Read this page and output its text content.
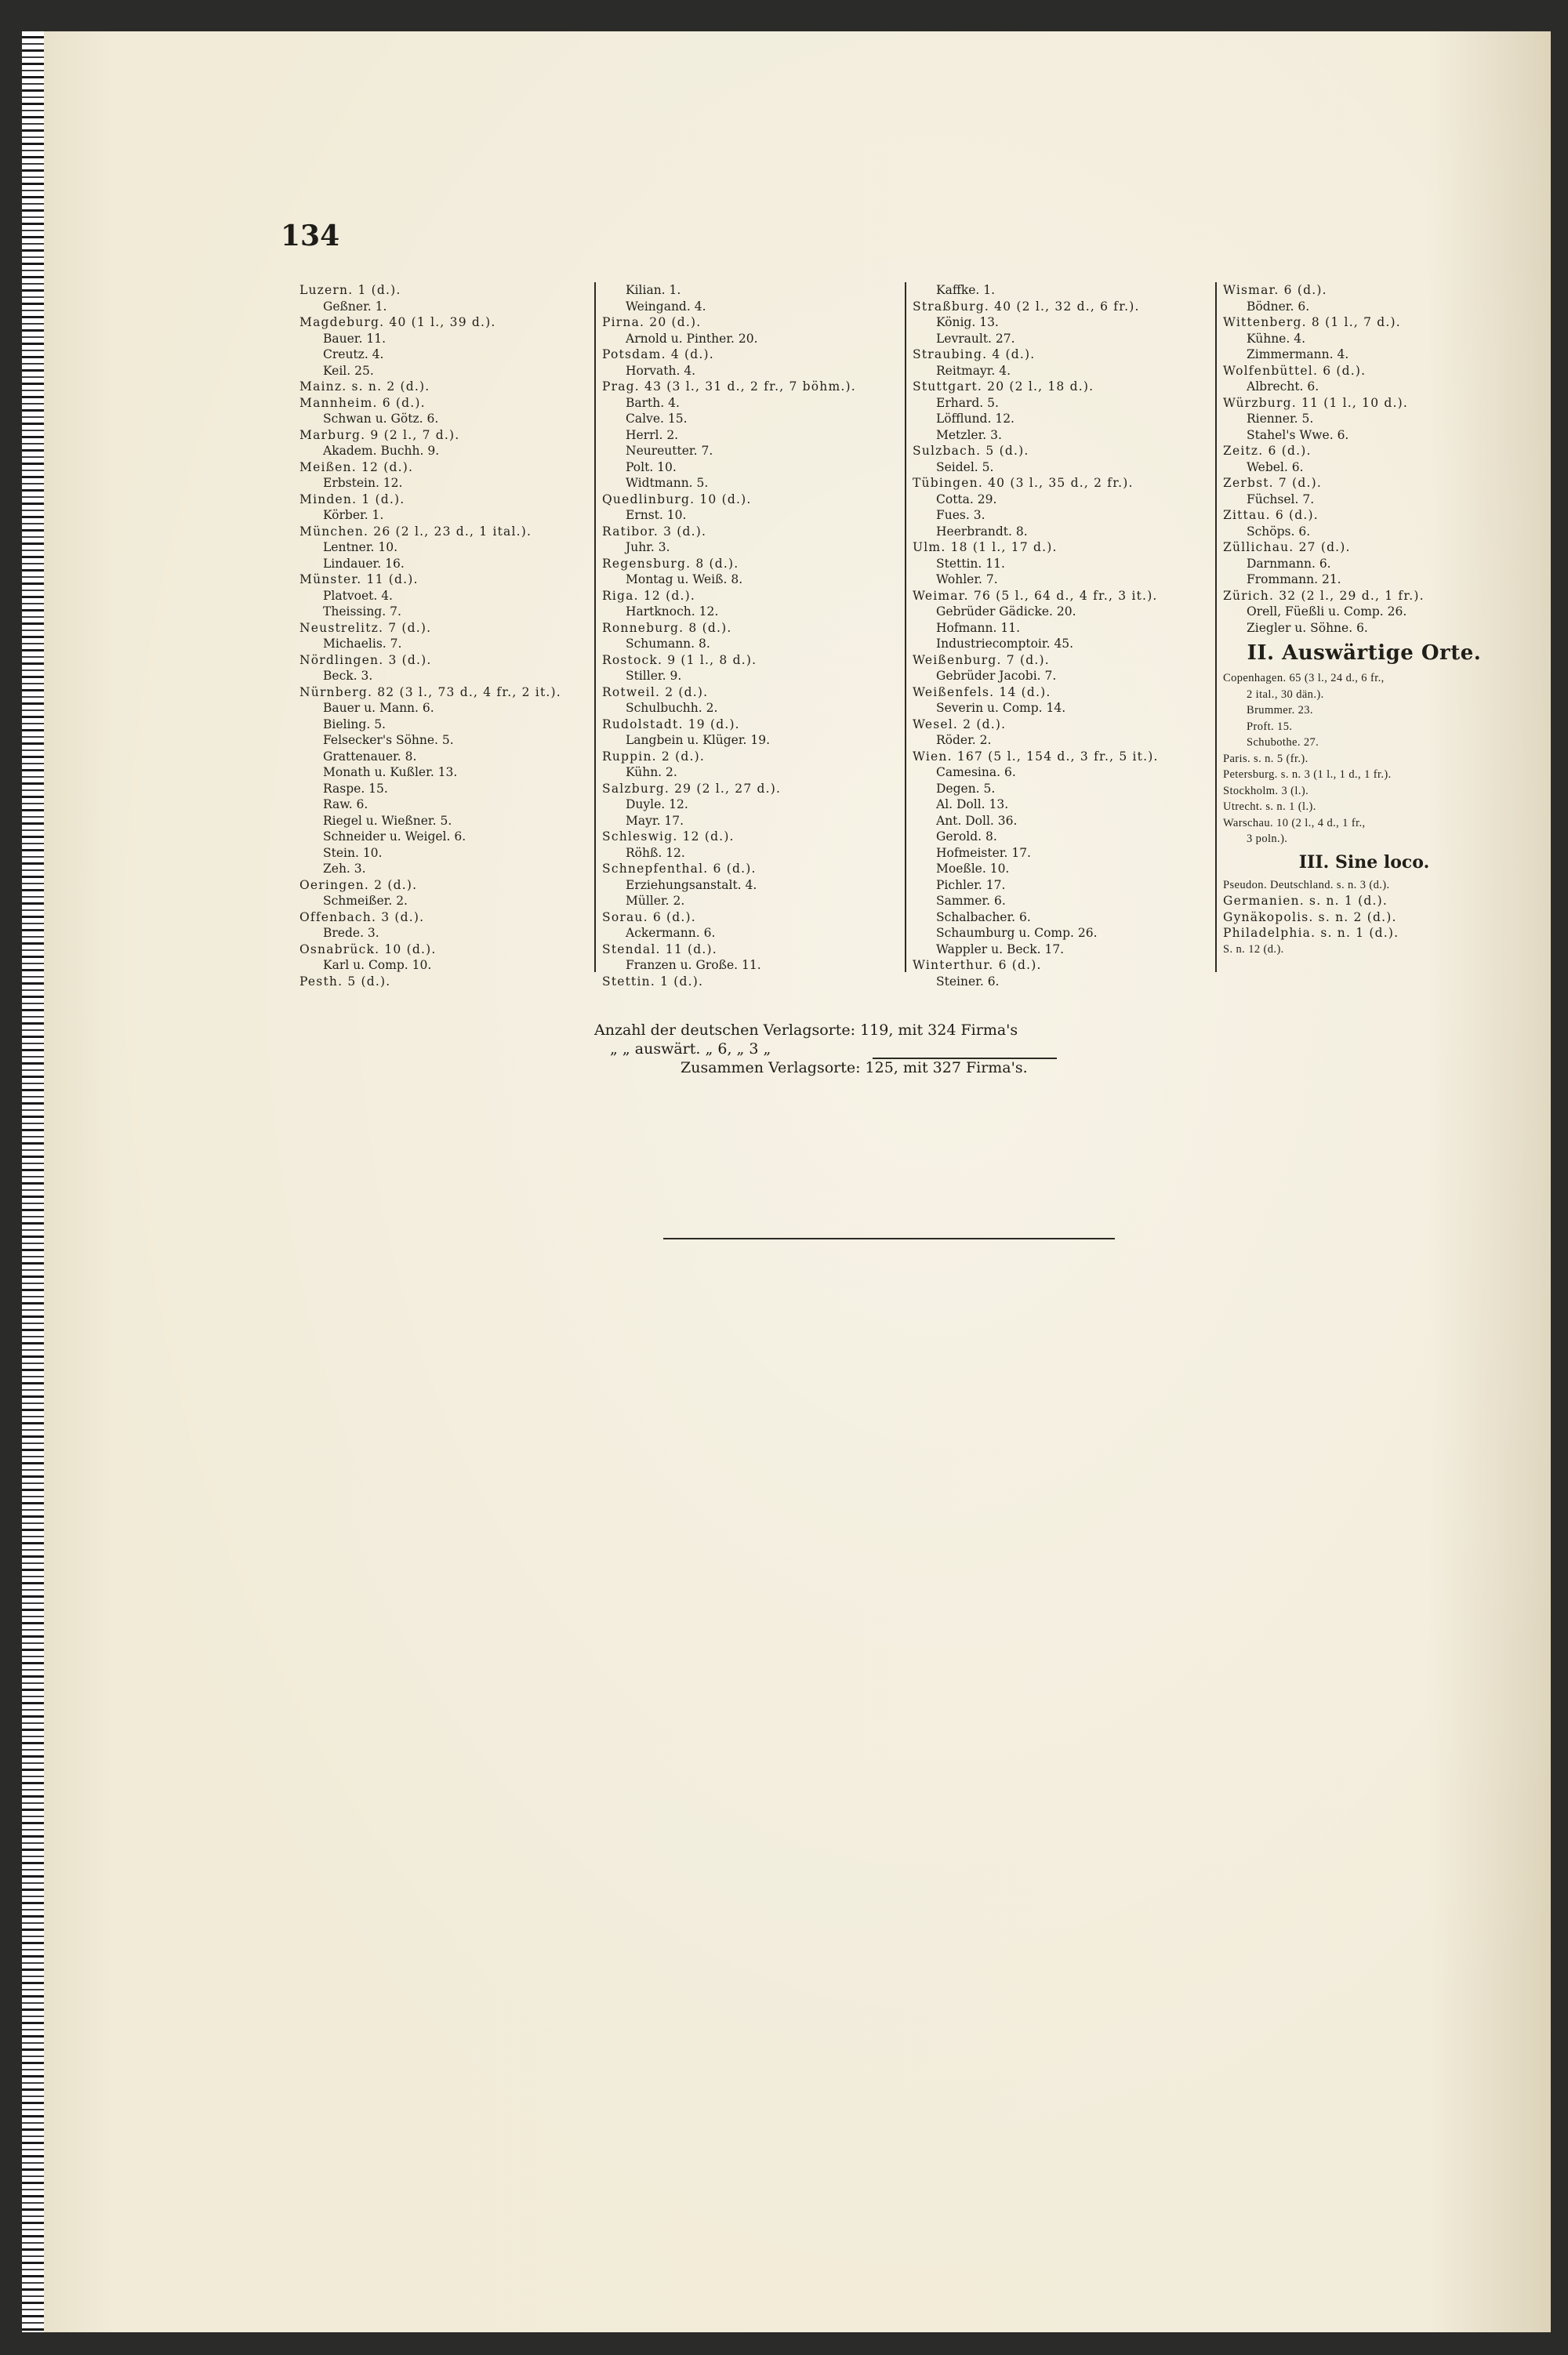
134
Luzern. 1 (d.).
Geßner. 1.
Magdeburg. 40 (1 l., 39 d.).
Bauer. 11.
Creutz. 4.
Keil. 25.
Mainz. s. n. 2 (d.).
Mannheim. 6 (d.).
Schwan u. Götz. 6.
Marburg. 9 (2 l., 7 d.).
Akadem. Buchh. 9.
Meißen. 12 (d.).
Erbstein. 12.
Minden. 1 (d.).
Körber. 1.
München. 26 (2 l., 23 d., 1 ital.).
Lentner. 10.
Lindauer. 16.
Münster. 11 (d.).
Platvoet. 4.
Theissing. 7.
Neustrelitz. 7 (d.).
Michaelis. 7.
Nördlingen. 3 (d.).
Beck. 3.
Nürnberg. 82 (3 l., 73 d., 4 fr., 2 it.).
Bauer u. Mann. 6.
Bieling. 5.
Felsecker's Söhne. 5.
Grattenauer. 8.
Monath u. Kußler. 13.
Raspe. 15.
Raw. 6.
Riegel u. Wießner. 5.
Schneider u. Weigel. 6.
Stein. 10.
Zeh. 3.
Oeringen. 2 (d.).
Schmeißer. 2.
Offenbach. 3 (d.).
Brede. 3.
Osnabrück. 10 (d.).
Karl u. Comp. 10.
Pesth. 5 (d.).
Kilian. 1.
Weingand. 4.
Pirna. 20 (d.).
Arnold u. Pinther. 20.
Potsdam. 4 (d.).
Horvath. 4.
Prag. 43 (3 l., 31 d., 2 fr., 7 böhm.).
Barth. 4.
Calve. 15.
Herrl. 2.
Neureutter. 7.
Polt. 10.
Widtmann. 5.
Quedlinburg. 10 (d.).
Ernst. 10.
Ratibor. 3 (d.).
Juhr. 3.
Regensburg. 8 (d.).
Montag u. Weiß. 8.
Riga. 12 (d.).
Hartknoch. 12.
Ronneburg. 8 (d.).
Schumann. 8.
Rostock. 9 (1 l., 8 d.).
Stiller. 9.
Rotweil. 2 (d.).
Schulbuchh. 2.
Rudolstadt. 19 (d.).
Langbein u. Klüger. 19.
Ruppin. 2 (d.).
Kühn. 2.
Salzburg. 29 (2 l., 27 d.).
Duyle. 12.
Mayr. 17.
Schleswig. 12 (d.).
Röhß. 12.
Schnepfenthal. 6 (d.).
Erziehungsanstalt. 4.
Müller. 2.
Sorau. 6 (d.).
Ackermann. 6.
Stendal. 11 (d.).
Franzen u. Große. 11.
Stettin. 1 (d.).
Kaffke. 1.
Straßburg. 40 (2 l., 32 d., 6 fr.).
König. 13.
Levrault. 27.
Straubing. 4 (d.).
Reitmayr. 4.
Stuttgart. 20 (2 l., 18 d.).
Erhard. 5.
Löfflund. 12.
Metzler. 3.
Sulzbach. 5 (d.).
Seidel. 5.
Tübingen. 40 (3 l., 35 d., 2 fr.).
Cotta. 29.
Fues. 3.
Heerbrandt. 8.
Ulm. 18 (1 l., 17 d.).
Stettin. 11.
Wohler. 7.
Weimar. 76 (5 l., 64 d., 4 fr., 3 it.).
Gebrüder Gädicke. 20.
Hofmann. 11.
Industriecomptoir. 45.
Weißenburg. 7 (d.).
Gebrüder Jacobi. 7.
Weißenfels. 14 (d.).
Severin u. Comp. 14.
Wesel. 2 (d.).
Röder. 2.
Wien. 167 (5 l., 154 d., 3 fr., 5 it.).
Camesina. 6.
Degen. 5.
Al. Doll. 13.
Ant. Doll. 36.
Gerold. 8.
Hofmeister. 17.
Moeßle. 10.
Pichler. 17.
Sammer. 6.
Schalbacher. 6.
Schaumburg u. Comp. 26.
Wappler u. Beck. 17.
Winterthur. 6 (d.).
Steiner. 6.
Wismar. 6 (d.).
Bödner. 6.
Wittenberg. 8 (1 l., 7 d.).
Kühne. 4.
Zimmermann. 4.
Wolfenbüttel. 6 (d.).
Albrecht. 6.
Würzburg. 11 (1 l., 10 d.).
Rienner. 5.
Stahel's Wwe. 6.
Zeitz. 6 (d.).
Webel. 6.
Zerbst. 7 (d.).
Füchsel. 7.
Zittau. 6 (d.).
Schöps. 6.
Züllichau. 27 (d.).
Darnmann. 6.
Frommann. 21.
Zürich. 32 (2 l., 29 d., 1 fr.).
Orell, Füeßli u. Comp. 26.
Ziegler u. Söhne. 6.
II. Auswärtige Orte.
Copenhagen. 65 (3 l., 24 d., 6 fr.,
2 ital., 30 dän.).
Brummer. 23.
Proft. 15.
Schubothe. 27.
Paris. s. n. 5 (fr.).
Petersburg. s. n. 3 (1 l., 1 d., 1 fr.).
Stockholm. 3 (l.).
Utrecht. s. n. 1 (l.).
Warschau. 10 (2 l., 4 d., 1 fr.,
3 poln.).
III. Sine loco.
Pseudon. Deutschland. s. n. 3 (d.).
Germanien. s. n. 1 (d.).
Gynäkopolis. s. n. 2 (d.).
Philadelphia. s. n. 1 (d.).
S. n. 12 (d.).
Anzahl der deutschen Verlagsorte: 119, mit 324 Firma's
„ „ auswärt. „ 6, „ 3 „
Zusammen Verlagsorte: 125, mit 327 Firma's.
